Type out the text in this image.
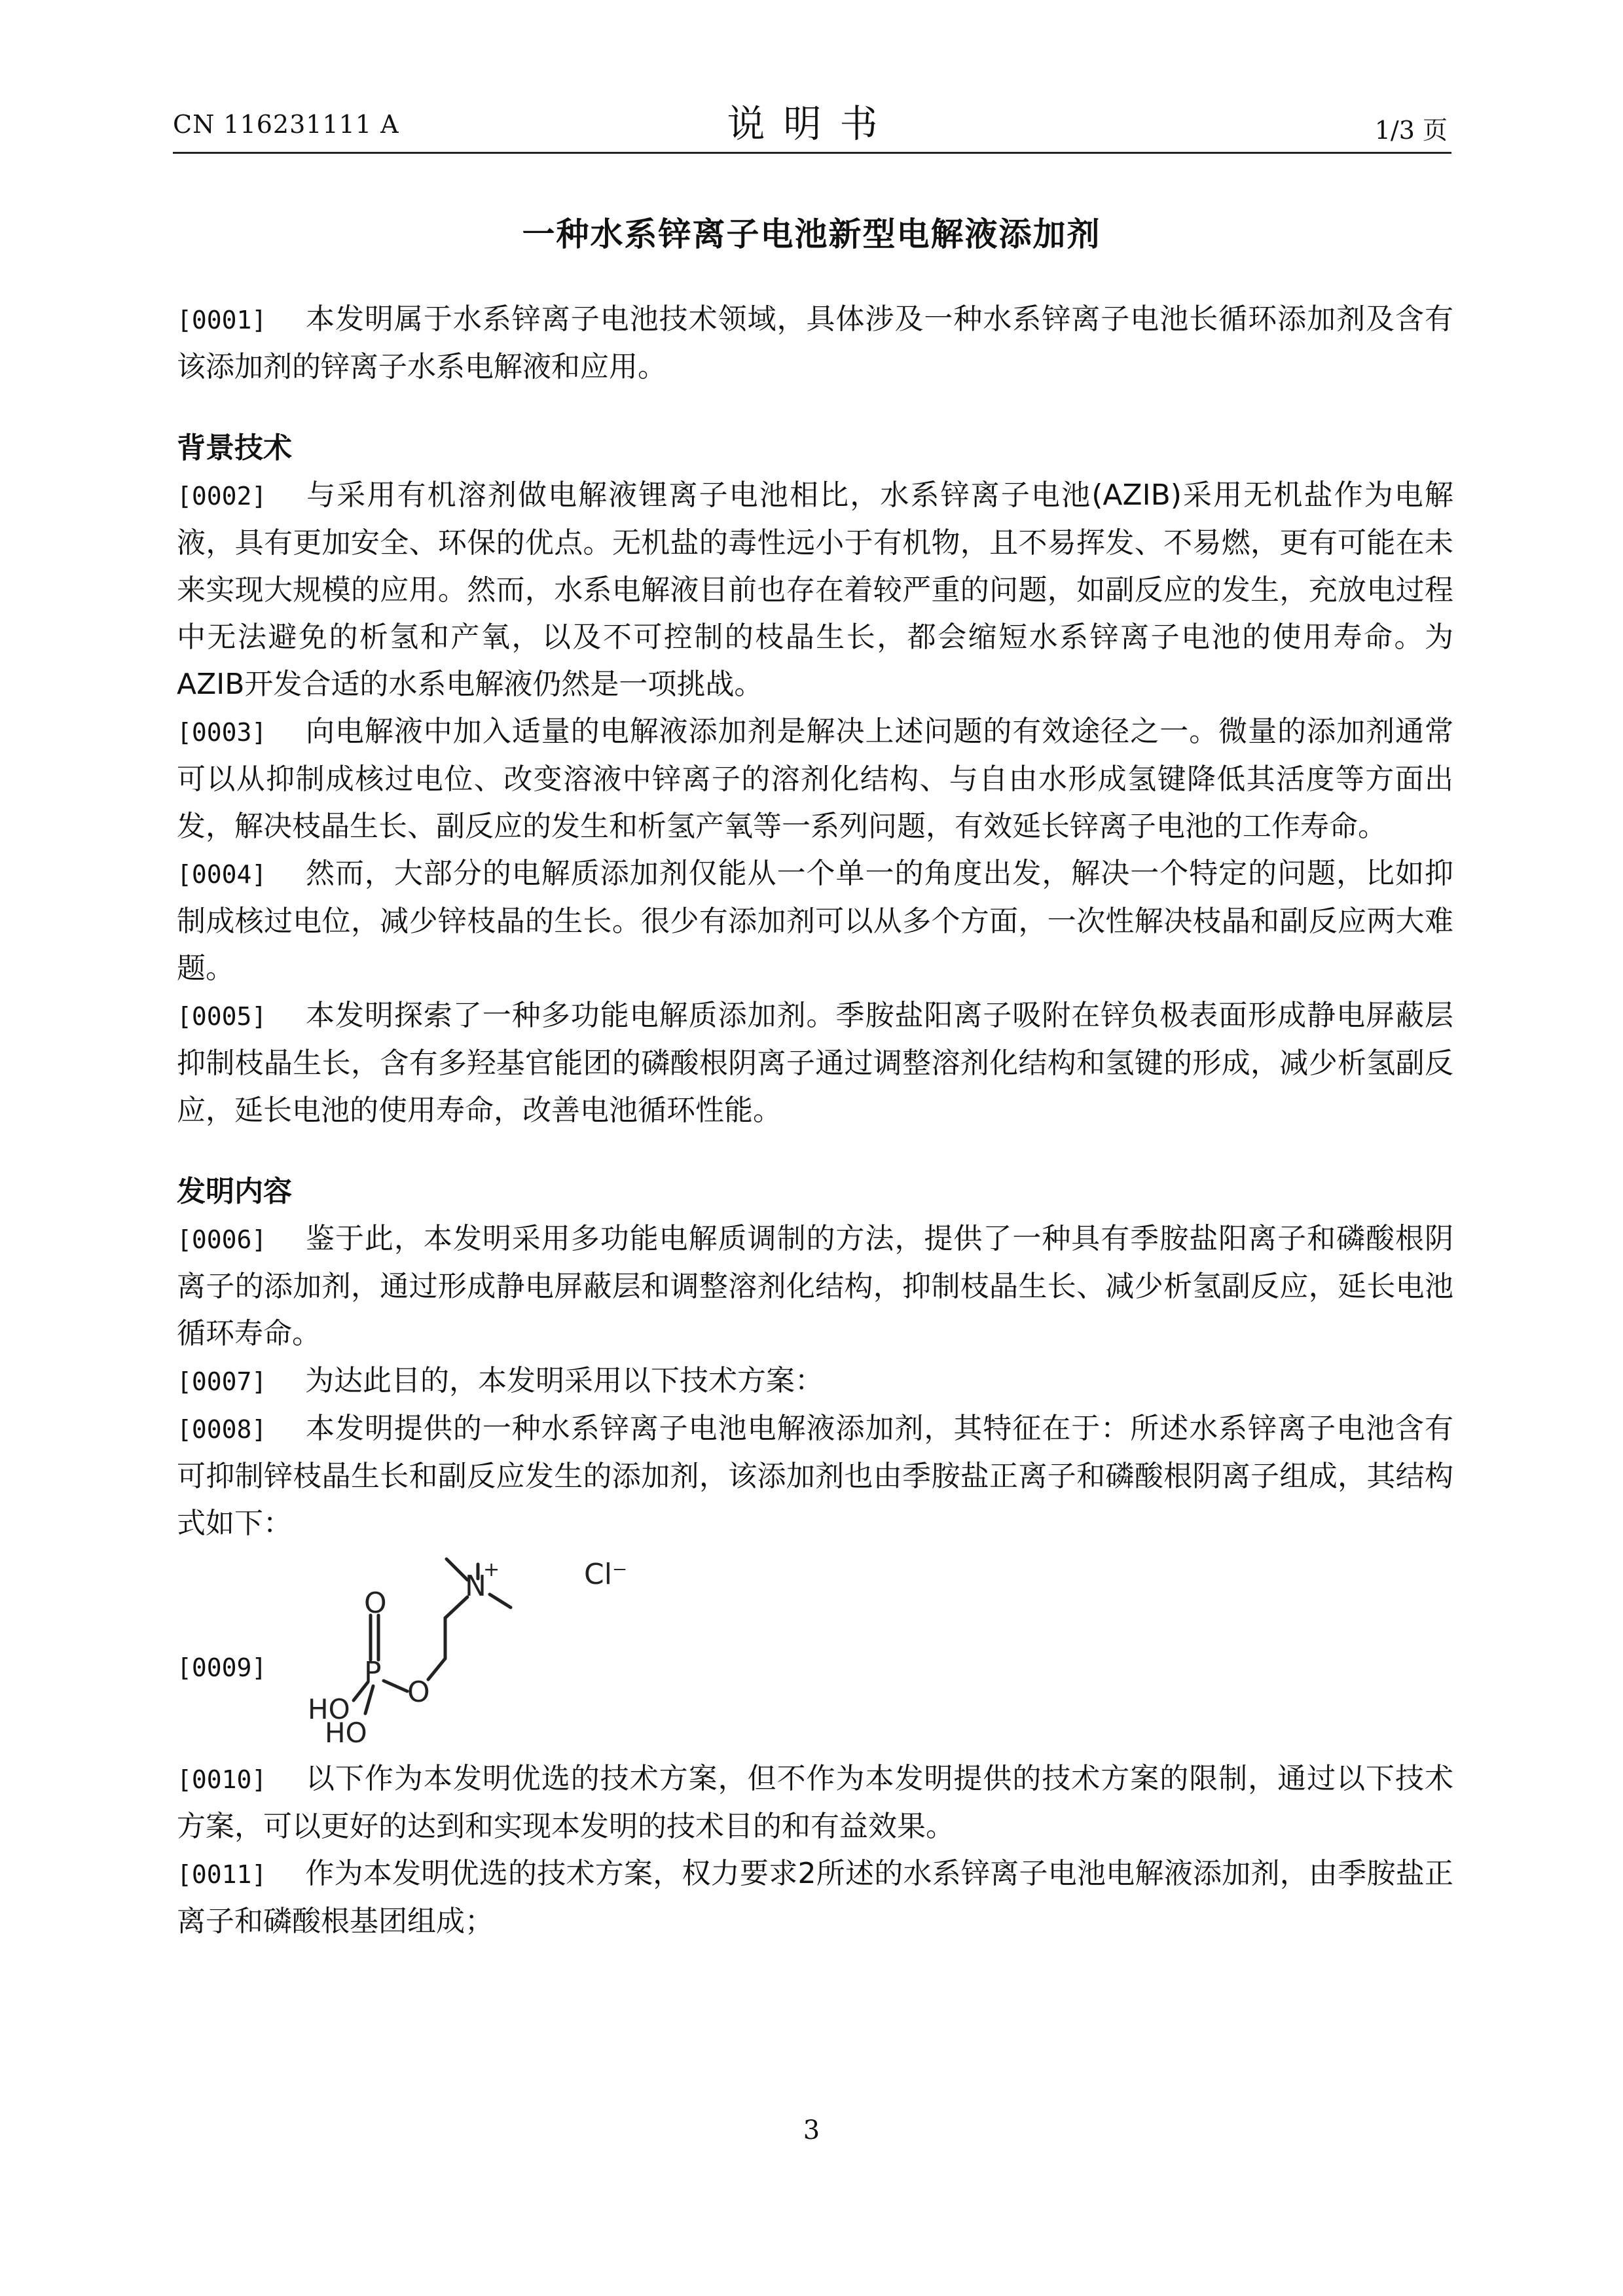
CN 116231111 A	说明书	1/3 页
一种水系锌离子电池新型电解液添加剂

[0001] 本发明属于水系锌离子电池技术领域，具体涉及一种水系锌离子电池长循环添加剂及含有该添加剂的锌离子水系电解液和应用。

背景技术

[0002] 与采用有机溶剂做电解液锂离子电池相比，水系锌离子电池(AZIB)采用无机盐作为电解液，具有更加安全、环保的优点。无机盐的毒性远小于有机物，且不易挥发、不易燃，更有可能在未来实现大规模的应用。然而，水系电解液目前也存在着较严重的问题，如副反应的发生，充放电过程中无法避免的析氢和产氧，以及不可控制的枝晶生长，都会缩短水系锌离子电池的使用寿命。为AZIB开发合适的水系电解液仍然是一项挑战。

[0003] 向电解液中加入适量的电解液添加剂是解决上述问题的有效途径之一。微量的添加剂通常可以从抑制成核过电位、改变溶液中锌离子的溶剂化结构、与自由水形成氢键降低其活度等方面出发，解决枝晶生长、副反应的发生和析氢产氧等一系列问题，有效延长锌离子电池的工作寿命。

[0004] 然而，大部分的电解质添加剂仅能从一个单一的角度出发，解决一个特定的问题，比如抑制成核过电位，减少锌枝晶的生长。很少有添加剂可以从多个方面，一次性解决枝晶和副反应两大难题。

[0005] 本发明探索了一种多功能电解质添加剂。季胺盐阳离子吸附在锌负极表面形成静电屏蔽层抑制枝晶生长，含有多羟基官能团的磷酸根阴离子通过调整溶剂化结构和氢键的形成，减少析氢副反应，延长电池的使用寿命，改善电池循环性能。

发明内容

[0006] 鉴于此，本发明采用多功能电解质调制的方法，提供了一种具有季胺盐阳离子和磷酸根阴离子的添加剂，通过形成静电屏蔽层和调整溶剂化结构，抑制枝晶生长、减少析氢副反应，延长电池循环寿命。

[0007] 为达此目的，本发明采用以下技术方案：

[0008] 本发明提供的一种水系锌离子电池电解液添加剂，其特征在于：所述水系锌离子电池含有可抑制锌枝晶生长和副反应发生的添加剂，该添加剂也由季胺盐正离子和磷酸根阴离子组成，其结构式如下：

[0009]
N
+	Cl⁻
P
O
O
HO
HO

[0010] 以下作为本发明优选的技术方案，但不作为本发明提供的技术方案的限制，通过以下技术方案，可以更好的达到和实现本发明的技术目的和有益效果。

[0011] 作为本发明优选的技术方案，权力要求2所述的水系锌离子电池电解液添加剂，由季胺盐正离子和磷酸根基团组成；

3
